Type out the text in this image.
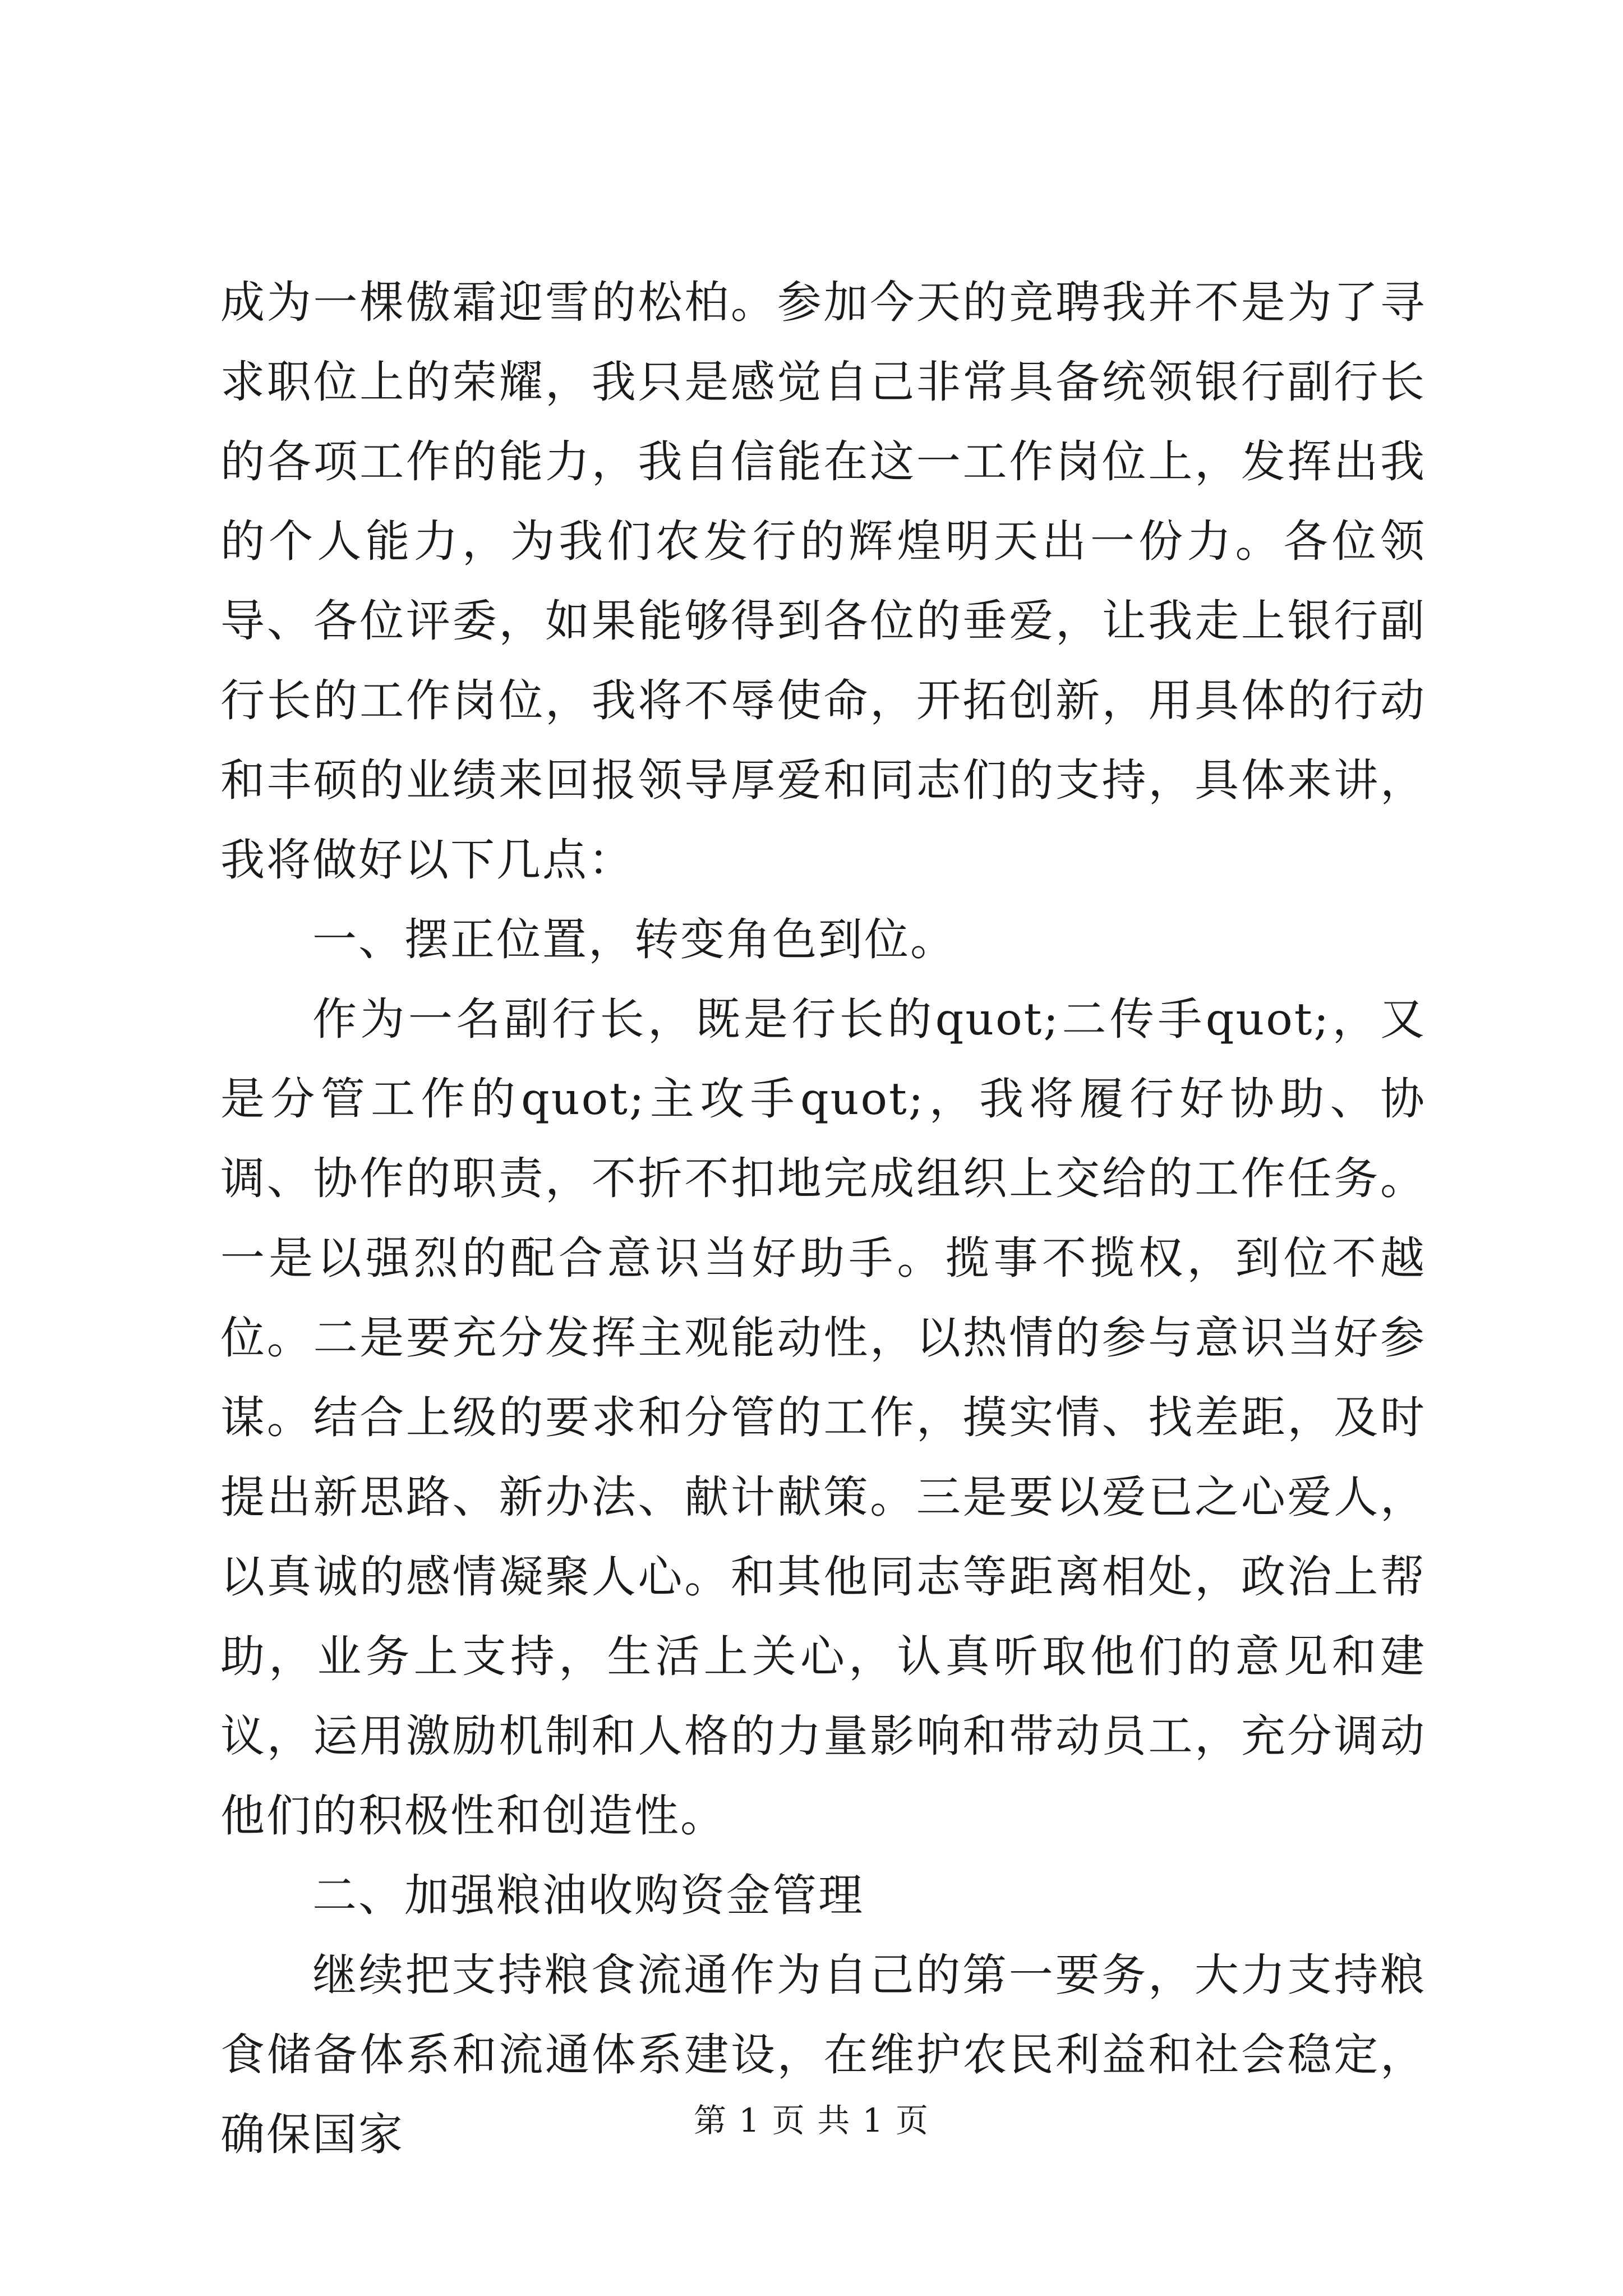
成为一棵傲霜迎雪的松柏。参加今天的竞聘我并不是为了寻求职位上的荣耀，我只是感觉自己非常具备统领银行副行长的各项工作的能力，我自信能在这一工作岗位上，发挥出我的个人能力，为我们农发行的辉煌明天出一份力。各位领导、各位评委，如果能够得到各位的垂爱，让我走上银行副行长的工作岗位，我将不辱使命，开拓创新，用具体的行动和丰硕的业绩来回报领导厚爱和同志们的支持，具体来讲，我将做好以下几点：

一、摆正位置，转变角色到位。

作为一名副行长，既是行长的quot;二传手quot;，又是分管工作的quot;主攻手quot;，我将履行好协助、协调、协作的职责，不折不扣地完成组织上交给的工作任务。一是以强烈的配合意识当好助手。揽事不揽权，到位不越位。二是要充分发挥主观能动性，以热情的参与意识当好参谋。结合上级的要求和分管的工作，摸实情、找差距，及时提出新思路、新办法、献计献策。三是要以爱已之心爱人，以真诚的感情凝聚人心。和其他同志等距离相处，政治上帮助，业务上支持，生活上关心，认真听取他们的意见和建议，运用激励机制和人格的力量影响和带动员工，充分调动他们的积极性和创造性。

二、加强粮油收购资金管理

继续把支持粮食流通作为自己的第一要务，大力支持粮食储备体系和流通体系建设，在维护农民利益和社会稳定，确保国家	第 1 页 共 1 页
